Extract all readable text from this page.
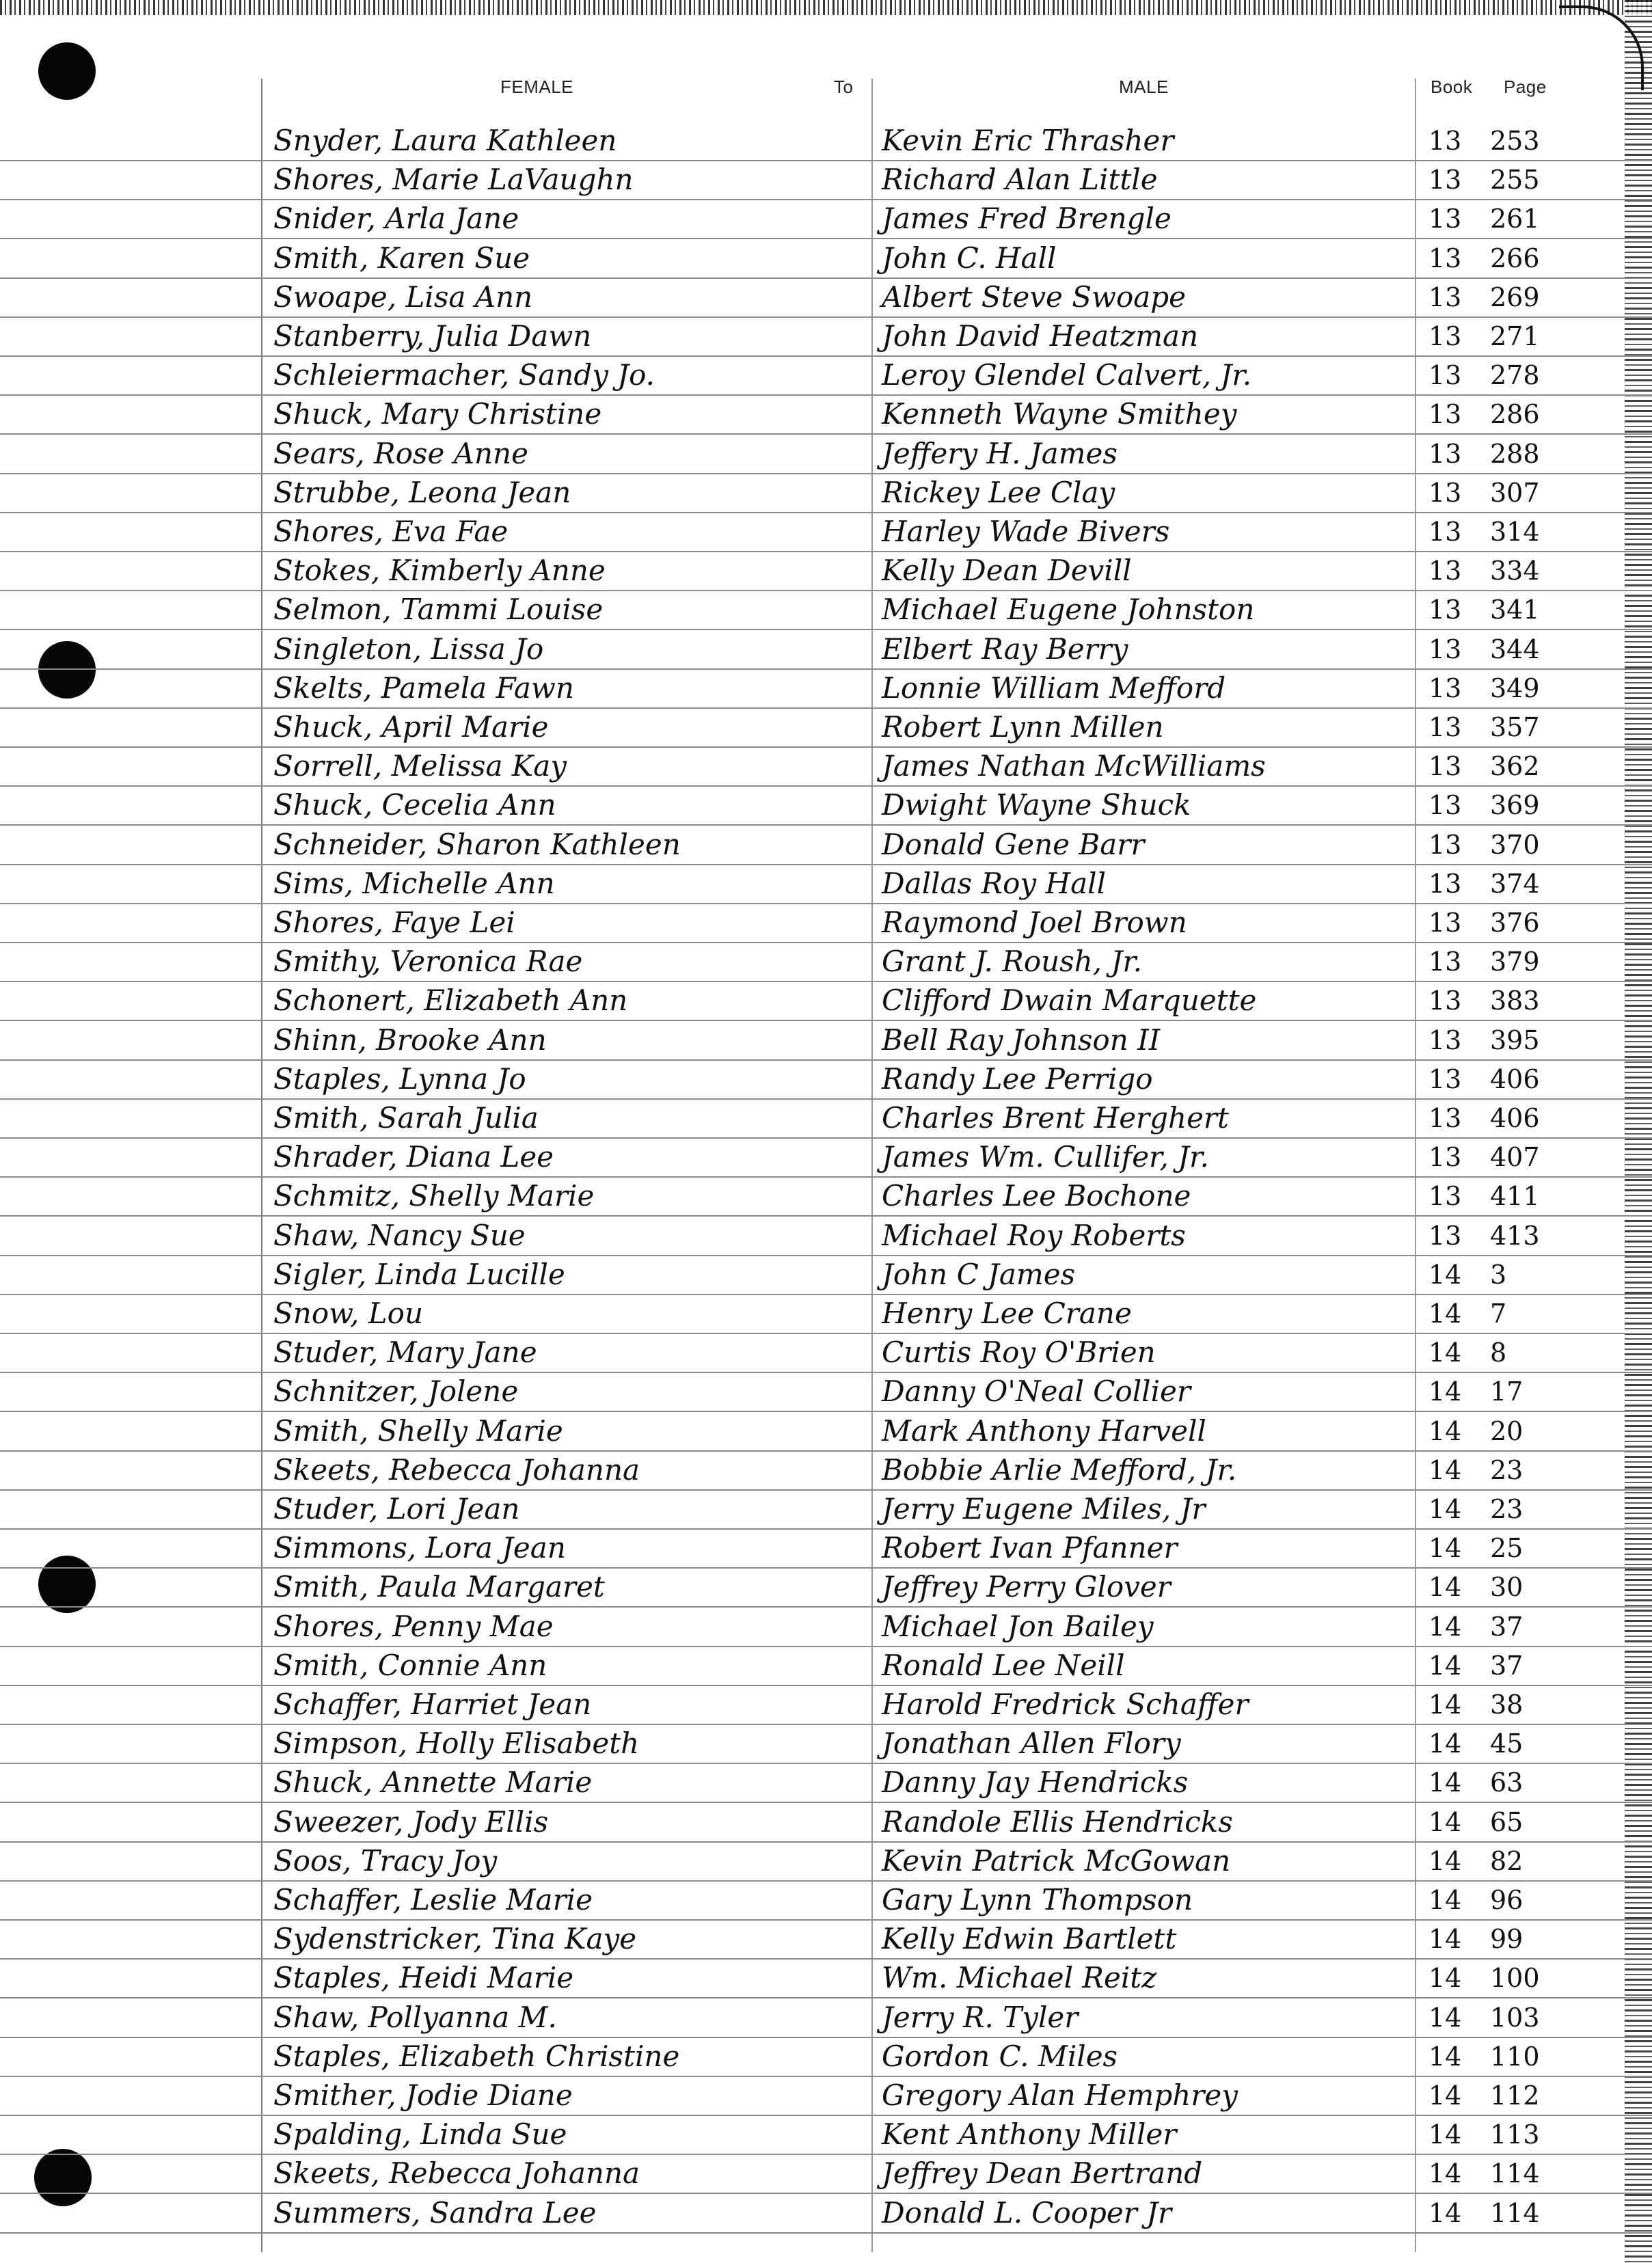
FEMALE	To	MALE	Book Page
Snyder, Laura Kathleen	Kevin Eric Thrasher	13 253
Shores, Marie LaVaughn	Richard Alan Little	13 255
Snider, Arla Jane	James Fred Brengle	13 261
Smith, Karen Sue	John C. Hall	13 266
Swoape, Lisa Ann	Albert Steve Swoape	13 269
Stanberry, Julia Dawn	John David Heatzman	13 271
Schleiermacher, Sandy Jo.	Leroy Glendel Calvert, Jr.	13 278
Shuck, Mary Christine	Kenneth Wayne Smithey	13 286
Sears, Rose Anne	Jeffery H. James	13 288
Strubbe, Leona Jean	Rickey Lee Clay	13 307
Shores, Eva Fae	Harley Wade Bivers	13 314
Stokes, Kimberly Anne	Kelly Dean Devill	13 334
Selmon, Tammi Louise	Michael Eugene Johnston	13 341
Singleton, Lissa Jo	Elbert Ray Berry	13 344
Skelts, Pamela Fawn	Lonnie William Mefford	13 349
Shuck, April Marie	Robert Lynn Millen	13 357
Sorrell, Melissa Kay	James Nathan McWilliams	13 362
Shuck, Cecelia Ann	Dwight Wayne Shuck	13 369
Schneider, Sharon Kathleen	Donald Gene Barr	13 370
Sims, Michelle Ann	Dallas Roy Hall	13 374
Shores, Faye Lei	Raymond Joel Brown	13 376
Smithy, Veronica Rae	Grant J. Roush, Jr.	13 379
Schonert, Elizabeth Ann	Clifford Dwain Marquette	13 383
Shinn, Brooke Ann	Bell Ray Johnson II	13 395
Staples, Lynna Jo	Randy Lee Perrigo	13 406
Smith, Sarah Julia	Charles Brent Herghert	13 406
Shrader, Diana Lee	James Wm. Cullifer, Jr.	13 407
Schmitz, Shelly Marie	Charles Lee Bochone	13 411
Shaw, Nancy Sue	Michael Roy Roberts	13 413
Sigler, Linda Lucille	John C James	14 3
Snow, Lou	Henry Lee Crane	14 7
Studer, Mary Jane	Curtis Roy O'Brien	14 8
Schnitzer, Jolene	Danny O'Neal Collier	14 17
Smith, Shelly Marie	Mark Anthony Harvell	14 20
Skeets, Rebecca Johanna	Bobbie Arlie Mefford, Jr.	14 23
Studer, Lori Jean	Jerry Eugene Miles, Jr	14 23
Simmons, Lora Jean	Robert Ivan Pfanner	14 25
Smith, Paula Margaret	Jeffrey Perry Glover	14 30
Shores, Penny Mae	Michael Jon Bailey	14 37
Smith, Connie Ann	Ronald Lee Neill	14 37
Schaffer, Harriet Jean	Harold Fredrick Schaffer	14 38
Simpson, Holly Elisabeth	Jonathan Allen Flory	14 45
Shuck, Annette Marie	Danny Jay Hendricks	14 63
Sweezer, Jody Ellis	Randole Ellis Hendricks	14 65
Soos, Tracy Joy	Kevin Patrick McGowan	14 82
Schaffer, Leslie Marie	Gary Lynn Thompson	14 96
Sydenstricker, Tina Kaye	Kelly Edwin Bartlett	14 99
Staples, Heidi Marie	Wm. Michael Reitz	14 100
Shaw, Pollyanna M.	Jerry R. Tyler	14 103
Staples, Elizabeth Christine	Gordon C. Miles	14 110
Smither, Jodie Diane	Gregory Alan Hemphrey	14 112
Spalding, Linda Sue	Kent Anthony Miller	14 113
Skeets, Rebecca Johanna	Jeffrey Dean Bertrand	14 114
Summers, Sandra Lee	Donald L. Cooper Jr	14 114
